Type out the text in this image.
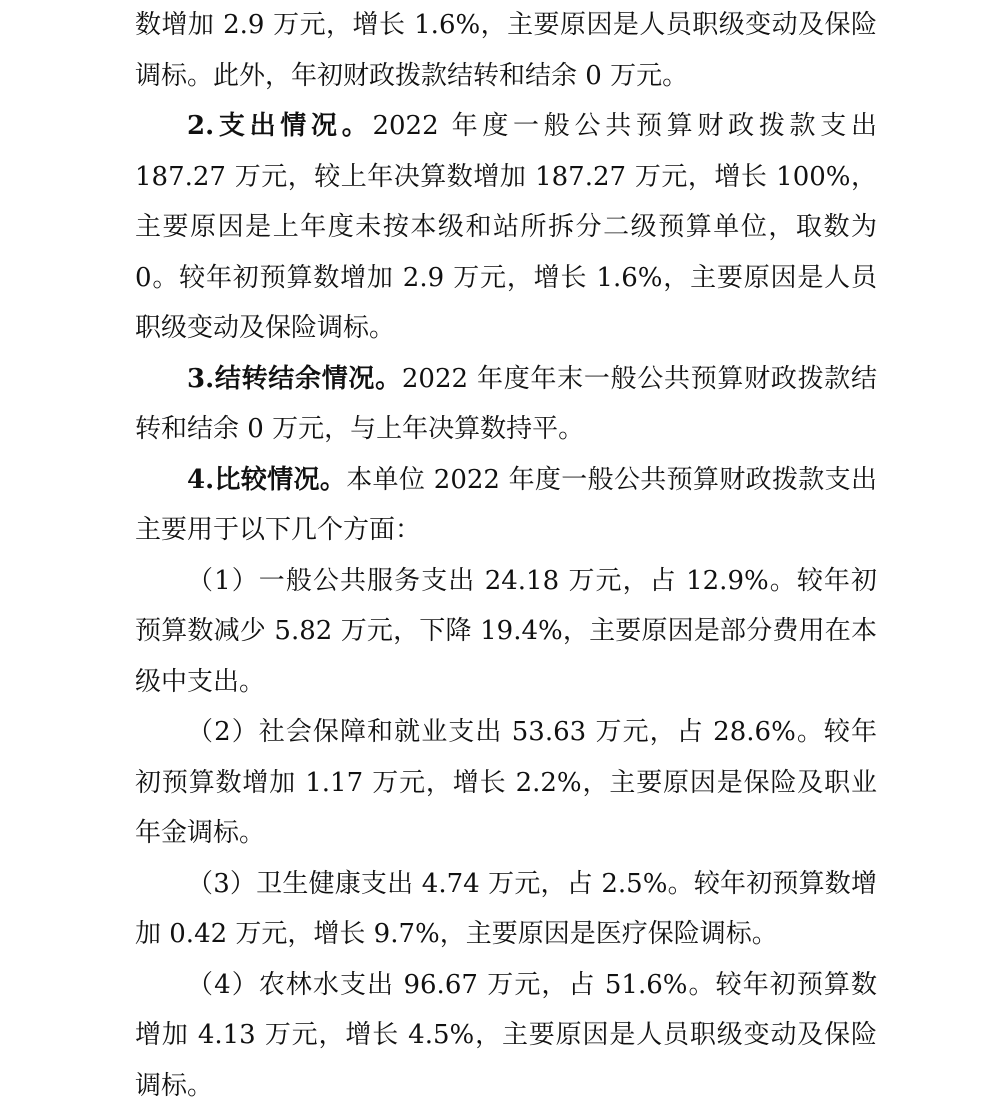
数增加 2.9 万元，增长 1.6%，主要原因是人员职级变动及保险调标。此外，年初财政拨款结转和结余 0 万元。

2.支出情况。2022 年度一般公共预算财政拨款支出 187.27 万元，较上年决算数增加 187.27 万元，增长 100%，主要原因是上年度未按本级和站所拆分二级预算单位，取数为 0。较年初预算数增加 2.9 万元，增长 1.6%，主要原因是人员职级变动及保险调标。

3.结转结余情况。2022 年度年末一般公共预算财政拨款结转和结余 0 万元，与上年决算数持平。

4.比较情况。本单位 2022 年度一般公共预算财政拨款支出主要用于以下几个方面：

（1）一般公共服务支出 24.18 万元，占 12.9%。较年初预算数减少 5.82 万元，下降 19.4%，主要原因是部分费用在本级中支出。

（2）社会保障和就业支出 53.63 万元，占 28.6%。较年初预算数增加 1.17 万元，增长 2.2%，主要原因是保险及职业年金调标。

（3）卫生健康支出 4.74 万元，占 2.5%。较年初预算数增加 0.42 万元，增长 9.7%，主要原因是医疗保险调标。

（4）农林水支出 96.67 万元，占 51.6%。较年初预算数增加 4.13 万元，增长 4.5%，主要原因是人员职级变动及保险调标。
